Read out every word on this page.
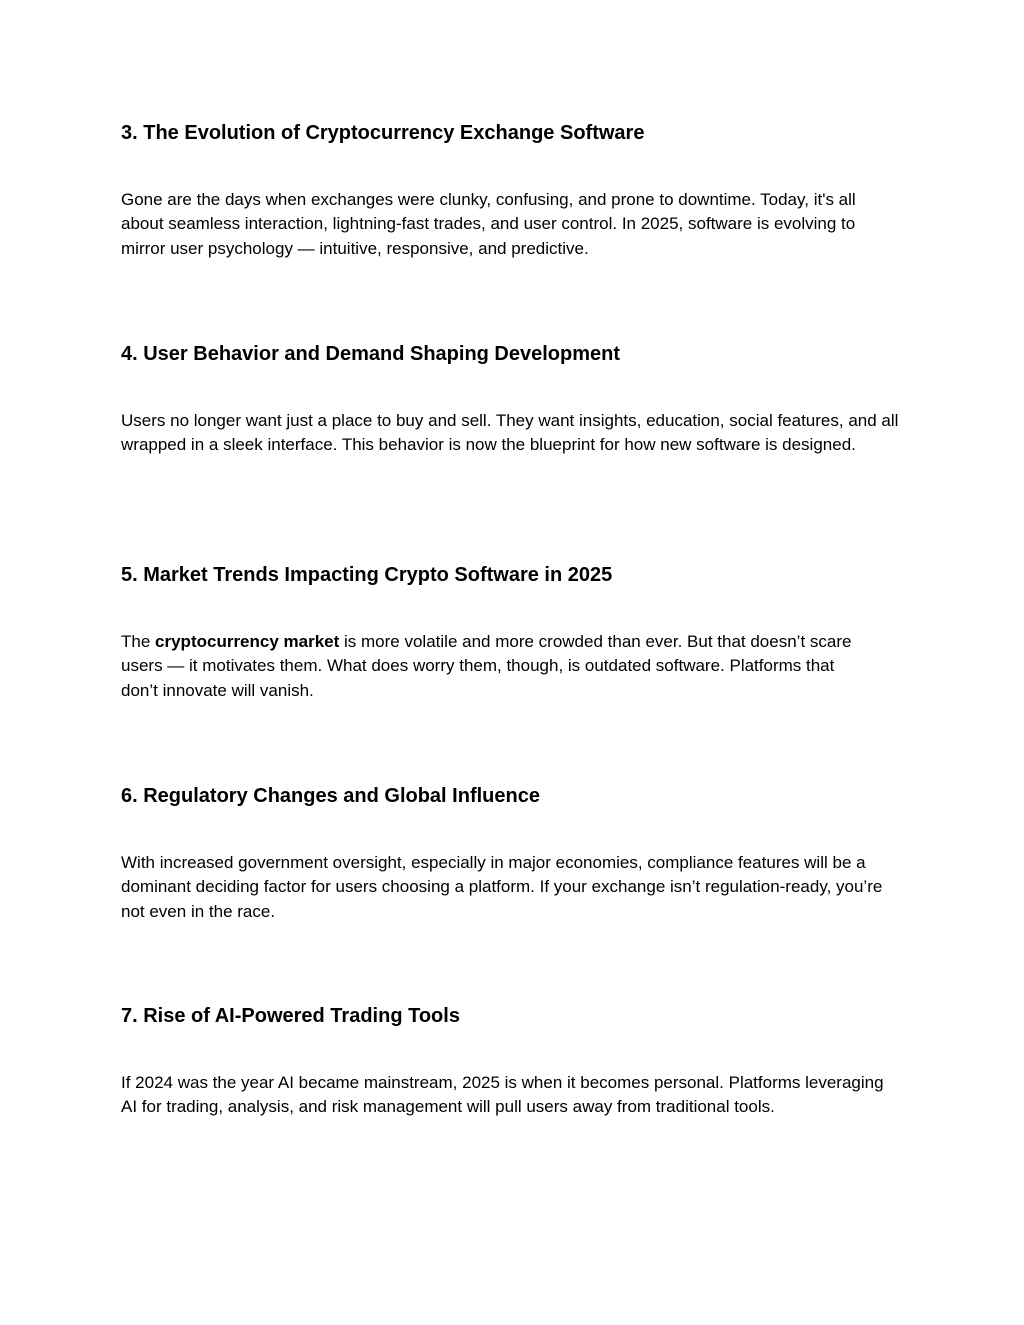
3. The Evolution of Cryptocurrency Exchange Software

Gone are the days when exchanges were clunky, confusing, and prone to downtime. Today, it's all about seamless interaction, lightning-fast trades, and user control. In 2025, software is evolving to mirror user psychology — intuitive, responsive, and predictive.

4. User Behavior and Demand Shaping Development

Users no longer want just a place to buy and sell. They want insights, education, social features, and all wrapped in a sleek interface. This behavior is now the blueprint for how new software is designed.

5. Market Trends Impacting Crypto Software in 2025

The cryptocurrency market is more volatile and more crowded than ever. But that doesn’t scare users — it motivates them. What does worry them, though, is outdated software. Platforms that don’t innovate will vanish.

6. Regulatory Changes and Global Influence

With increased government oversight, especially in major economies, compliance features will be a dominant deciding factor for users choosing a platform. If your exchange isn’t regulation-ready, you’re not even in the race.

7. Rise of AI-Powered Trading Tools

If 2024 was the year AI became mainstream, 2025 is when it becomes personal. Platforms leveraging AI for trading, analysis, and risk management will pull users away from traditional tools.
